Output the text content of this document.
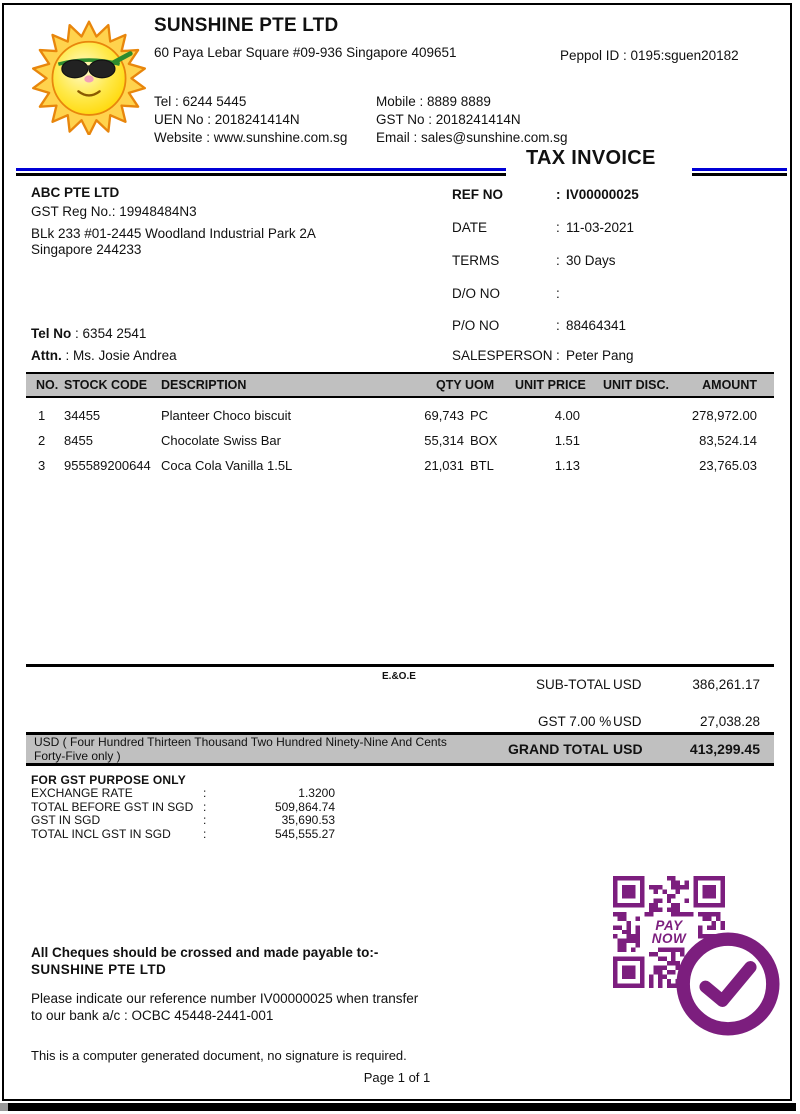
SUNSHINE PTE LTD
60 Paya Lebar Square #09-936 Singapore 409651	Peppol ID : 0195:sguen20182
Tel : 6244 5445	Mobile : 8889 8889
UEN No : 2018241414N	GST No : 2018241414N
Website : www.sunshine.com.sg Email : sales@sunshine.com.sg
TAX INVOICE
ABC PTE LTD
GST Reg No.: 19948484N3
BLk 233 #01-2445 Woodland Industrial Park 2A
Singapore 244233
Tel No : 6354 2541
Attn. : Ms. Josie Andrea
REF NO	: IV00000025
DATE	: 11-03-2021
TERMS	: 30 Days
D/O NO	:
P/O NO	: 88464341
SALESPERSON : Peter Pang
NO. STOCK CODE DESCRIPTION	QTY UOM UNIT PRICE UNIT DISC.	AMOUNT
1 34455	Planteer Choco biscuit	69,743 PC	4.00	278,972.00
2 8455	Chocolate Swiss Bar	55,314 BOX	1.51	83,524.14
3 955589200644 Coca Cola Vanilla 1.5L	21,031 BTL	1.13	23,765.03
E.&O.E
SUB-TOTAL USD	386,261.17
GST 7.00 % USD	27,038.28
USD ( Four Hundred Thirteen Thousand Two Hundred Ninety-Nine And Cents Forty-Five only )	GRAND TOTAL USD	413,299.45
FOR GST PURPOSE ONLY
EXCHANGE RATE	:	1.3200
TOTAL BEFORE GST IN SGD :	509,864.74
GST IN SGD	:	35,690.53
TOTAL INCL GST IN SGD	:	545,555.27
PAY
NOW
All Cheques should be crossed and made payable to:-
SUNSHINE PTE LTD
Please indicate our reference number IV00000025 when transfer
to our bank a/c : OCBC 45448-2441-001
This is a computer generated document, no signature is required.
Page 1 of 1
